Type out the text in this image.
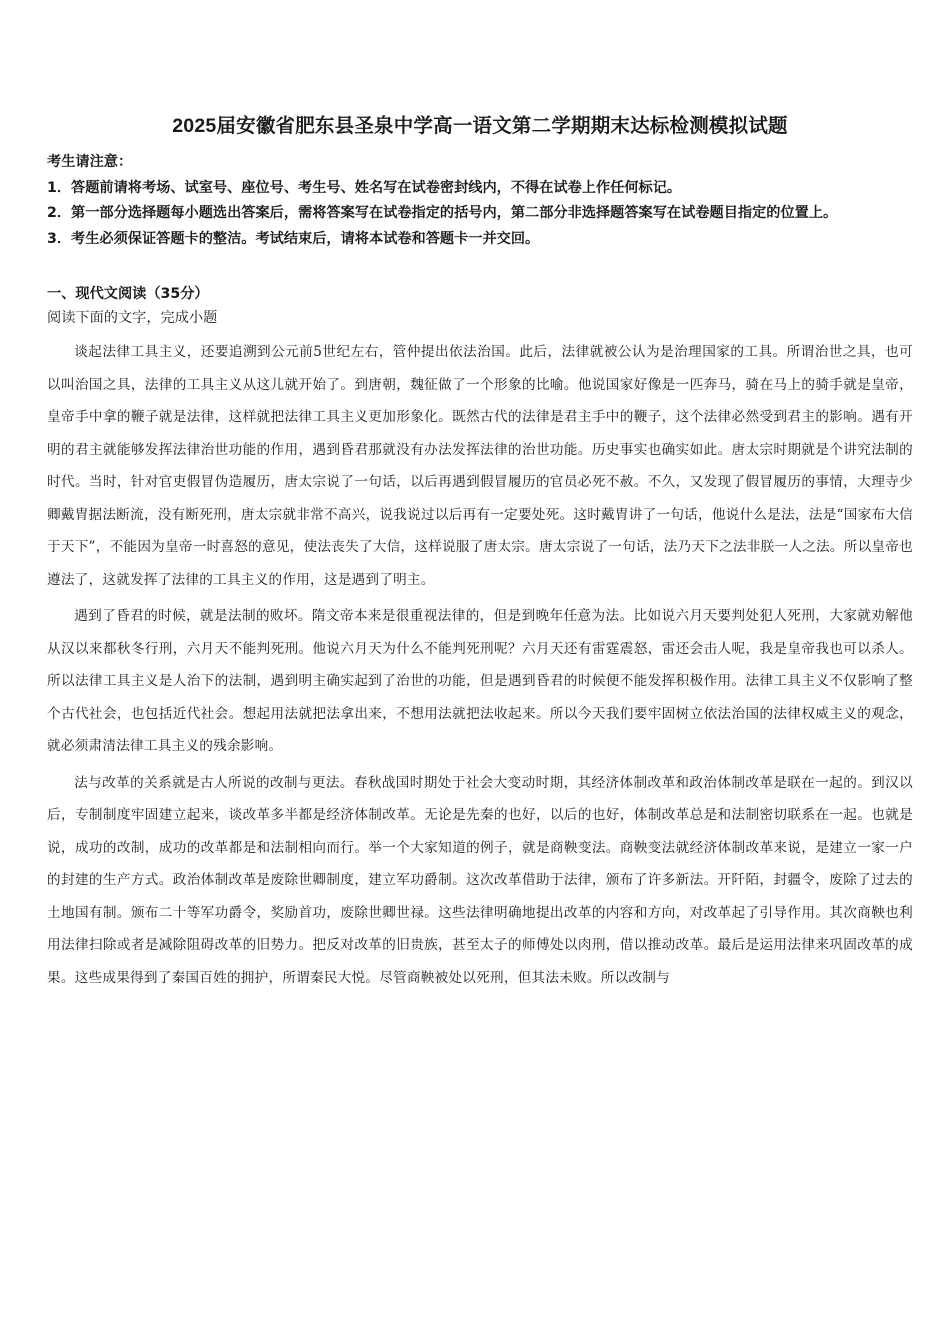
2025届安徽省肥东县圣泉中学高一语文第二学期期末达标检测模拟试题

考生请注意：

1．答题前请将考场、试室号、座位号、考生号、姓名写在试卷密封线内，不得在试卷上作任何标记。

2．第一部分选择题每小题选出答案后，需将答案写在试卷指定的括号内，第二部分非选择题答案写在试卷题目指定的位置上。

3．考生必须保证答题卡的整洁。考试结束后，请将本试卷和答题卡一并交回。

一、现代文阅读（35分）
阅读下面的文字，完成小题

谈起法律工具主义，还要追溯到公元前5世纪左右，管仲提出依法治国。此后，法律就被公认为是治理国家的工具。所谓治世之具，也可以叫治国之具，法律的工具主义从这儿就开始了。到唐朝，魏征做了一个形象的比喻。他说国家好像是一匹奔马，骑在马上的骑手就是皇帝，皇帝手中拿的鞭子就是法律，这样就把法律工具主义更加形象化。既然古代的法律是君主手中的鞭子，这个法律必然受到君主的影响。遇有开明的君主就能够发挥法律治世功能的作用，遇到昏君那就没有办法发挥法律的治世功能。历史事实也确实如此。唐太宗时期就是个讲究法制的时代。当时，针对官吏假冒伪造履历，唐太宗说了一句话，以后再遇到假冒履历的官员必死不赦。不久，又发现了假冒履历的事情，大理寺少卿戴胄据法断流，没有断死刑，唐太宗就非常不高兴，说我说过以后再有一定要处死。这时戴胄讲了一句话，他说什么是法，法是“国家布大信于天下”，不能因为皇帝一时喜怒的意见，使法丧失了大信，这样说服了唐太宗。唐太宗说了一句话，法乃天下之法非朕一人之法。所以皇帝也遵法了，这就发挥了法律的工具主义的作用，这是遇到了明主。

遇到了昏君的时候，就是法制的败坏。隋文帝本来是很重视法律的，但是到晚年任意为法。比如说六月天要判处犯人死刑，大家就劝解他从汉以来都秋冬行刑，六月天不能判死刑。他说六月天为什么不能判死刑呢？六月天还有雷霆震怒，雷还会击人呢，我是皇帝我也可以杀人。所以法律工具主义是人治下的法制，遇到明主确实起到了治世的功能，但是遇到昏君的时候便不能发挥积极作用。法律工具主义不仅影响了整个古代社会，也包括近代社会。想起用法就把法拿出来，不想用法就把法收起来。所以今天我们要牢固树立依法治国的法律权威主义的观念，就必须肃清法律工具主义的残余影响。

法与改革的关系就是古人所说的改制与更法。春秋战国时期处于社会大变动时期，其经济体制改革和政治体制改革是联在一起的。到汉以后，专制制度牢固建立起来，谈改革多半都是经济体制改革。无论是先秦的也好，以后的也好，体制改革总是和法制密切联系在一起。也就是说，成功的改制，成功的改革都是和法制相向而行。举一个大家知道的例子，就是商鞅变法。商鞅变法就经济体制改革来说，是建立一家一户的封建的生产方式。政治体制改革是废除世卿制度，建立军功爵制。这次改革借助于法律，颁布了许多新法。开阡陌，封疆令，废除了过去的土地国有制。颁布二十等军功爵令，奖励首功，废除世卿世禄。这些法律明确地提出改革的内容和方向，对改革起了引导作用。其次商鞅也利用法律扫除或者是减除阻碍改革的旧势力。把反对改革的旧贵族，甚至太子的师傅处以肉刑，借以推动改革。最后是运用法律来巩固改革的成果。这些成果得到了秦国百姓的拥护，所谓秦民大悦。尽管商鞅被处以死刑，但其法未败。所以改制与
